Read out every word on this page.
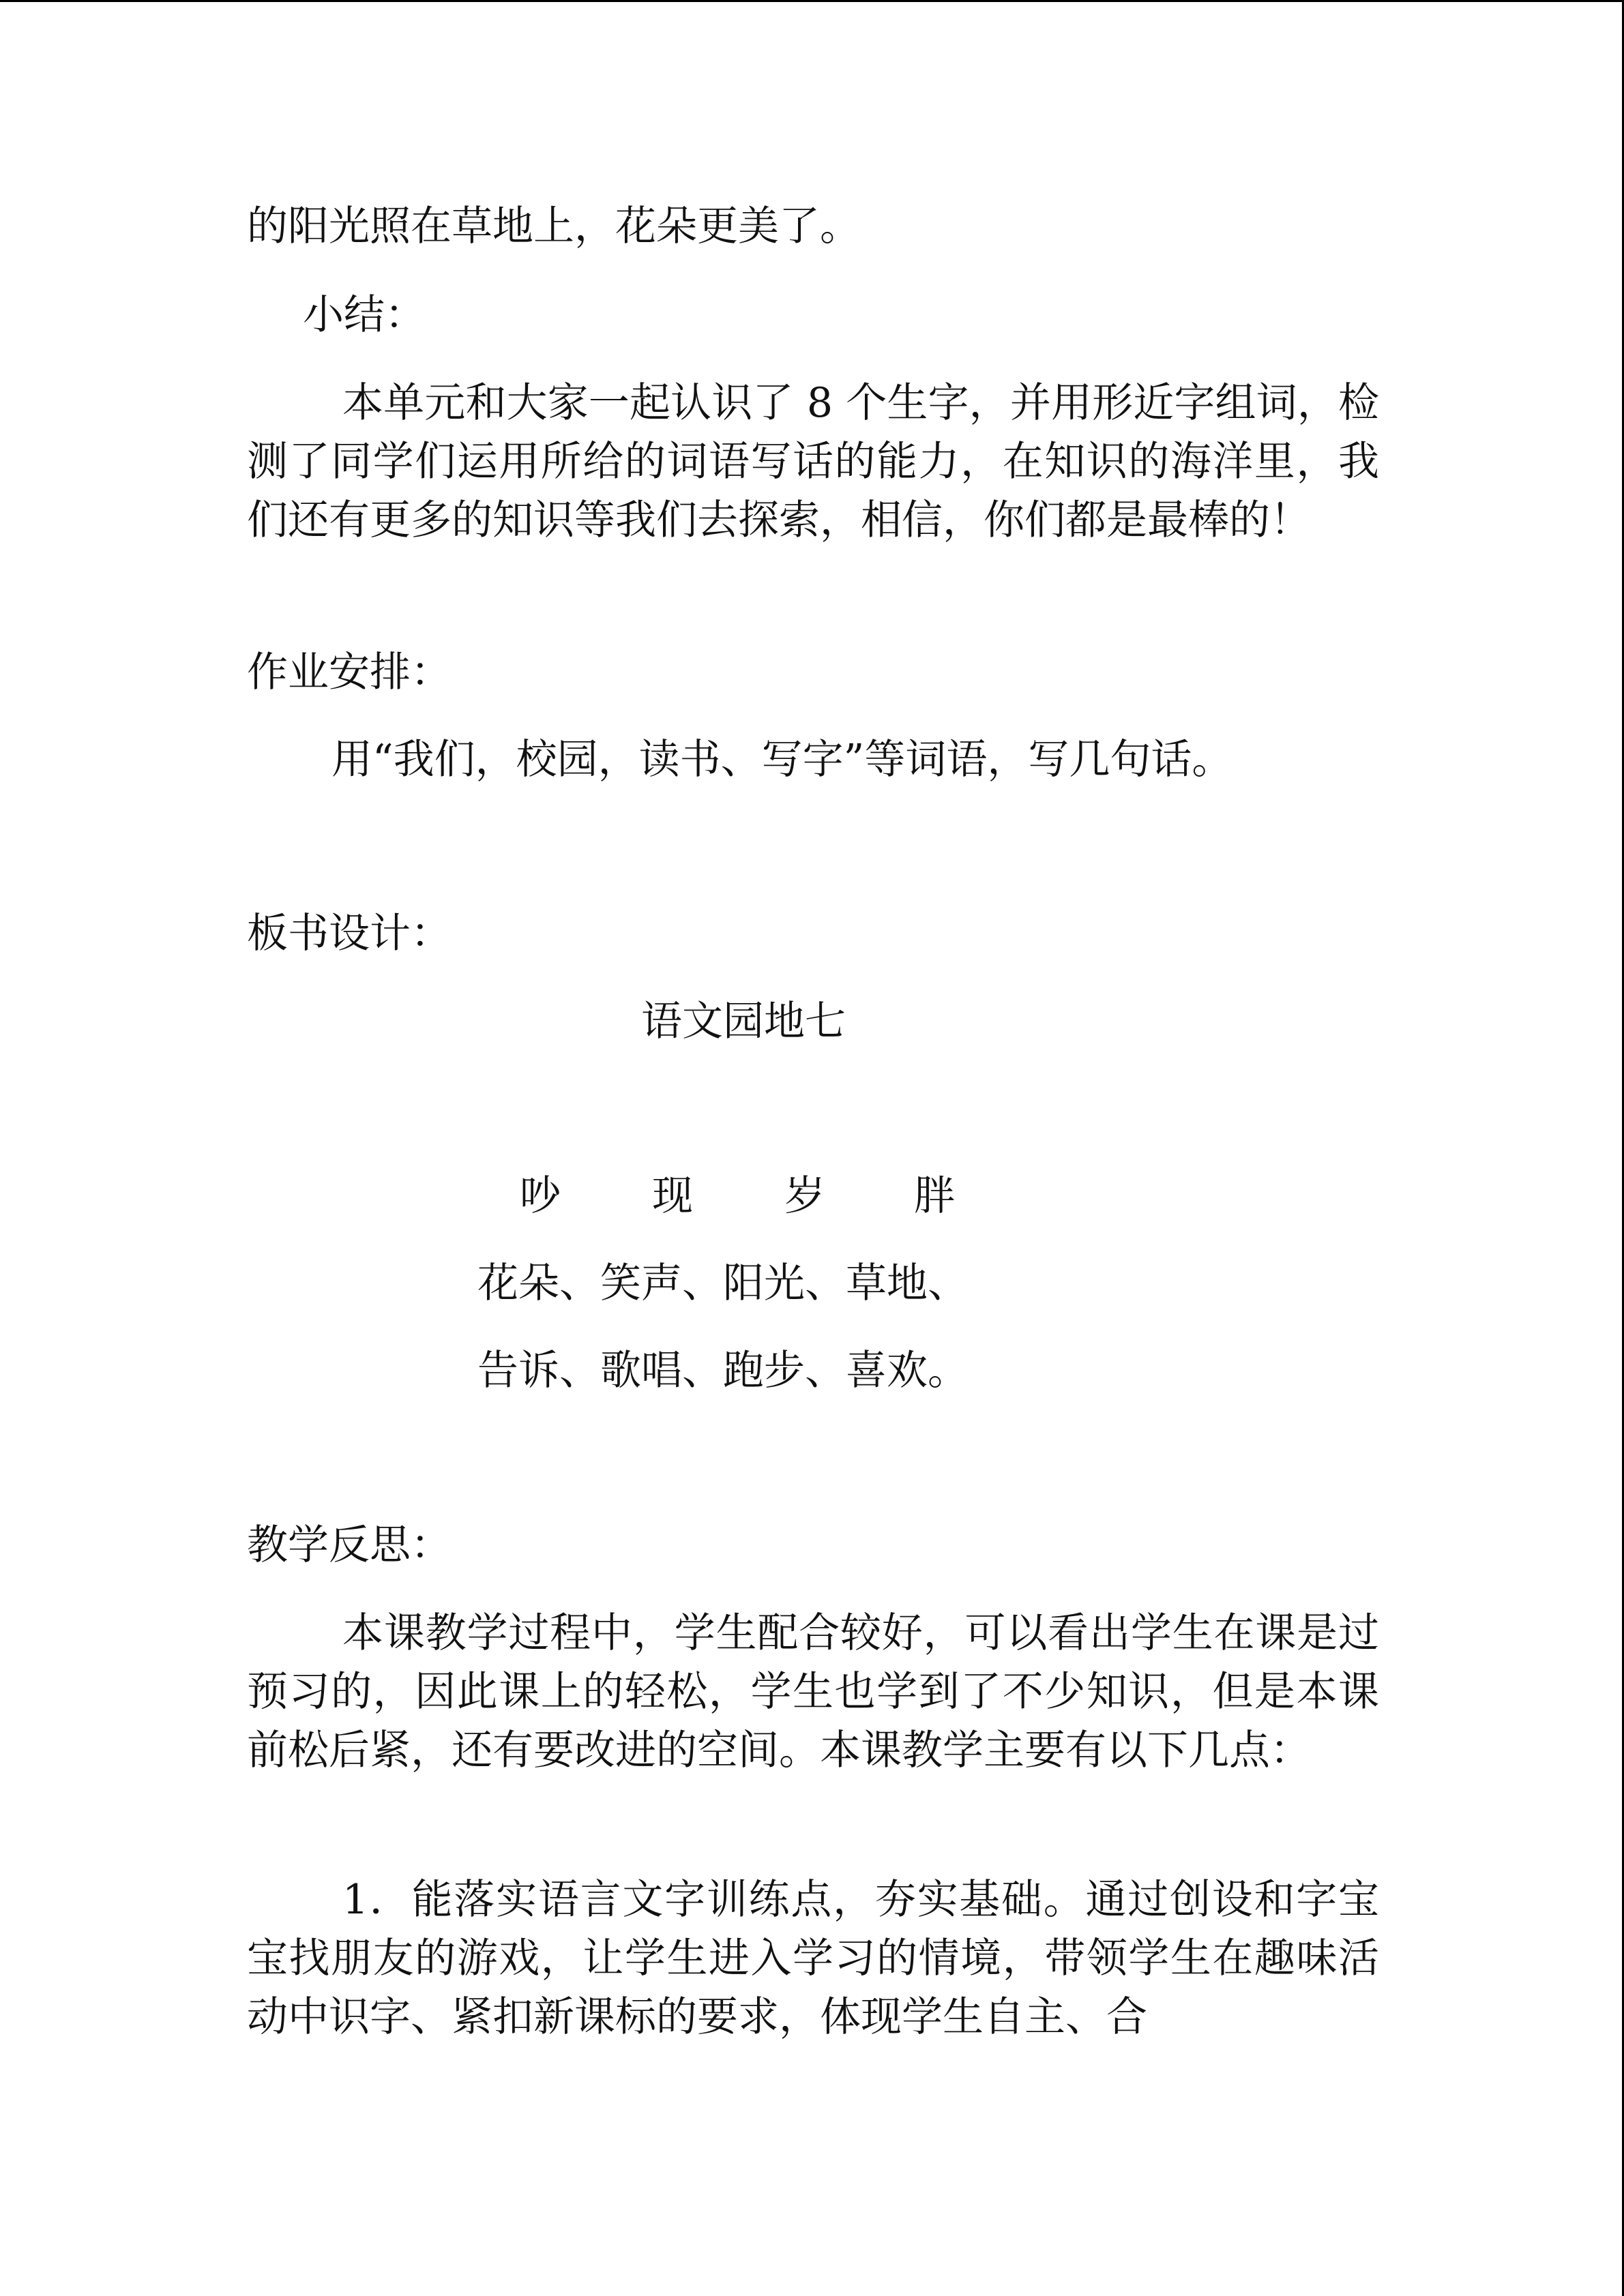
的阳光照在草地上，花朵更美了。

小结：

本单元和大家一起认识了 8 个生字，并用形近字组词，检测了同学们运用所给的词语写话的能力，在知识的海洋里，我们还有更多的知识等我们去探索，相信，你们都是最棒的！

作业安排：

用“我们，校园，读书、写字”等词语，写几句话。

板书设计：

语文园地七

吵 现 岁 胖

花朵、笑声、阳光、草地、

告诉、歌唱、跑步、喜欢。

教学反思：

本课教学过程中，学生配合较好，可以看出学生在课是过预习的，因此课上的轻松，学生也学到了不少知识，但是本课前松后紧，还有要改进的空间。本课教学主要有以下几点：

1．能落实语言文字训练点，夯实基础。通过创设和字宝宝找朋友的游戏，让学生进入学习的情境，带领学生在趣味活动中识字、紧扣新课标的要求，体现学生自主、合
